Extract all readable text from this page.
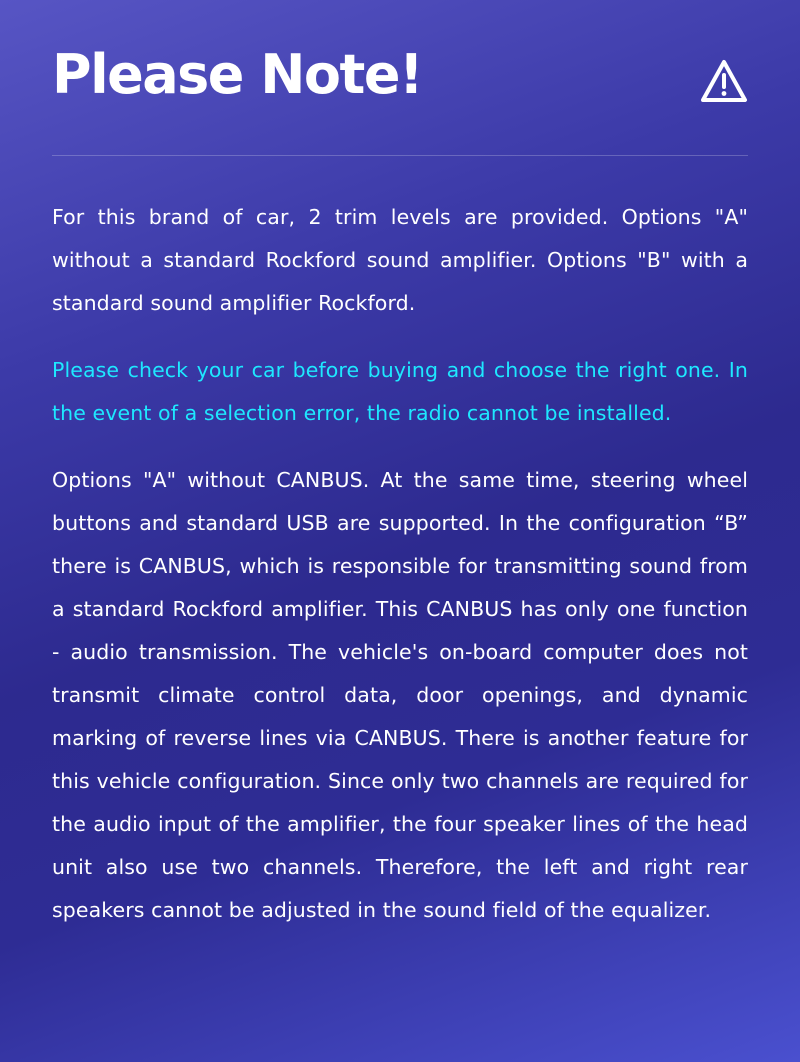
Please Note!

For this brand of car, 2 trim levels are provided. Options "A" without a standard Rockford sound amplifier. Options "B" with a standard sound amplifier Rockford.

Please check your car before buying and choose the right one. In the event of a selection error, the radio cannot be installed.

Options "A" without CANBUS. At the same time, steering wheel buttons and standard USB are supported. In the configuration “B” there is CANBUS, which is responsible for transmitting sound from a standard Rockford amplifier. This CANBUS has only one function - audio transmission. The vehicle's on-board computer does not transmit climate control data, door openings, and dynamic marking of reverse lines via CANBUS. There is another feature for this vehicle configuration. Since only two channels are required for the audio input of the amplifier, the four speaker lines of the head unit also use two channels. Therefore, the left and right rear speakers cannot be adjusted in the sound field of the equalizer.
